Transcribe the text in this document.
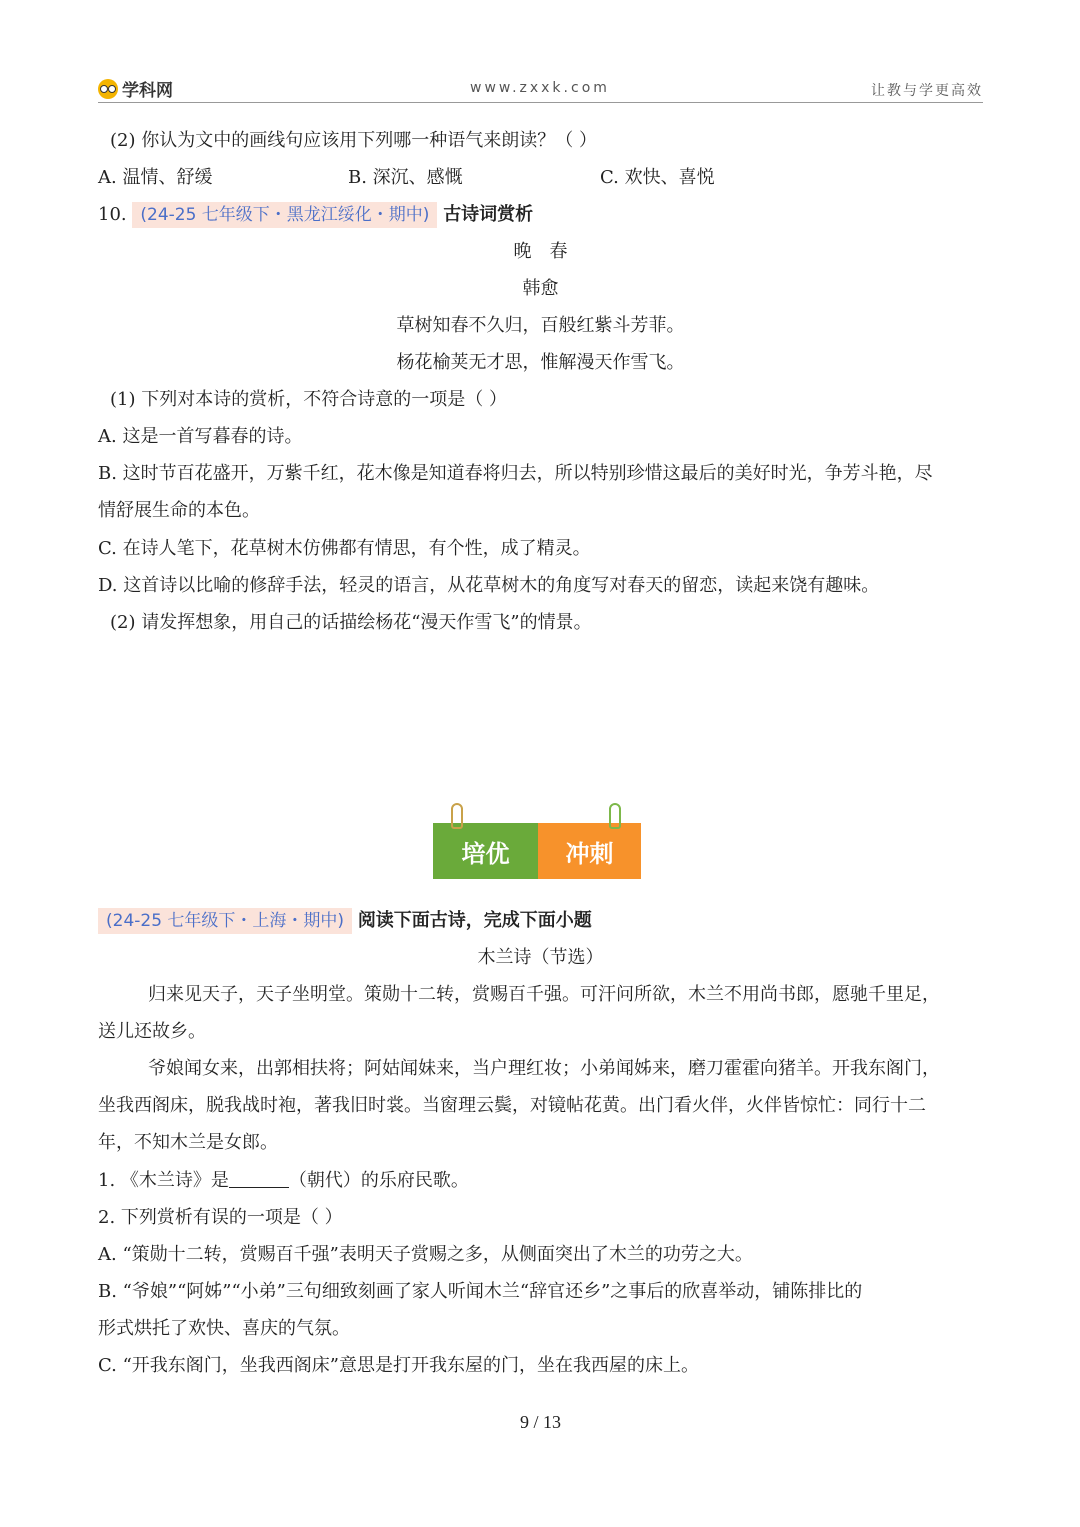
学科网	www.zxxk.com	让教与学更高效
(2) 你认为文中的画线句应该用下列哪一种语气来朗读？（ ）
A. 温情、舒缓	B. 深沉、感慨	C. 欢快、喜悦
10. (24-25 七年级下・黑龙江绥化・期中) 古诗词赏析
晚　春
韩愈
草树知春不久归，百般红紫斗芳菲。
杨花榆荚无才思，惟解漫天作雪飞。
(1) 下列对本诗的赏析，不符合诗意的一项是（ ）
A. 这是一首写暮春的诗。
B. 这时节百花盛开，万紫千红，花木像是知道春将归去，所以特别珍惜这最后的美好时光，争芳斗艳，尽
情舒展生命的本色。
C. 在诗人笔下，花草树木仿佛都有情思，有个性，成了精灵。
D. 这首诗以比喻的修辞手法，轻灵的语言，从花草树木的角度写对春天的留恋，读起来饶有趣味。
(2) 请发挥想象，用自己的话描绘杨花“漫天作雪飞”的情景。
培优	冲刺
(24-25 七年级下・上海・期中) 阅读下面古诗，完成下面小题
木兰诗（节选）
归来见天子，天子坐明堂。策勋十二转，赏赐百千强。可汗问所欲，木兰不用尚书郎，愿驰千里足，
送儿还故乡。
爷娘闻女来，出郭相扶将；阿姑闻妹来，当户理红妆；小弟闻姊来，磨刀霍霍向猪羊。开我东阁门，
坐我西阁床，脱我战时袍，著我旧时裳。当窗理云鬓，对镜帖花黄。出门看火伴，火伴皆惊忙：同行十二
年，不知木兰是女郎。
1. 《木兰诗》是	（朝代）的乐府民歌。
2. 下列赏析有误的一项是（ ）
A. “策勋十二转，赏赐百千强”表明天子赏赐之多，从侧面突出了木兰的功劳之大。
B. “爷娘”“阿姊”“小弟”三句细致刻画了家人听闻木兰“辞官还乡”之事后的欣喜举动，铺陈排比的
形式烘托了欢快、喜庆的气氛。
C. “开我东阁门，坐我西阁床”意思是打开我东屋的门，坐在我西屋的床上。
9 / 13
